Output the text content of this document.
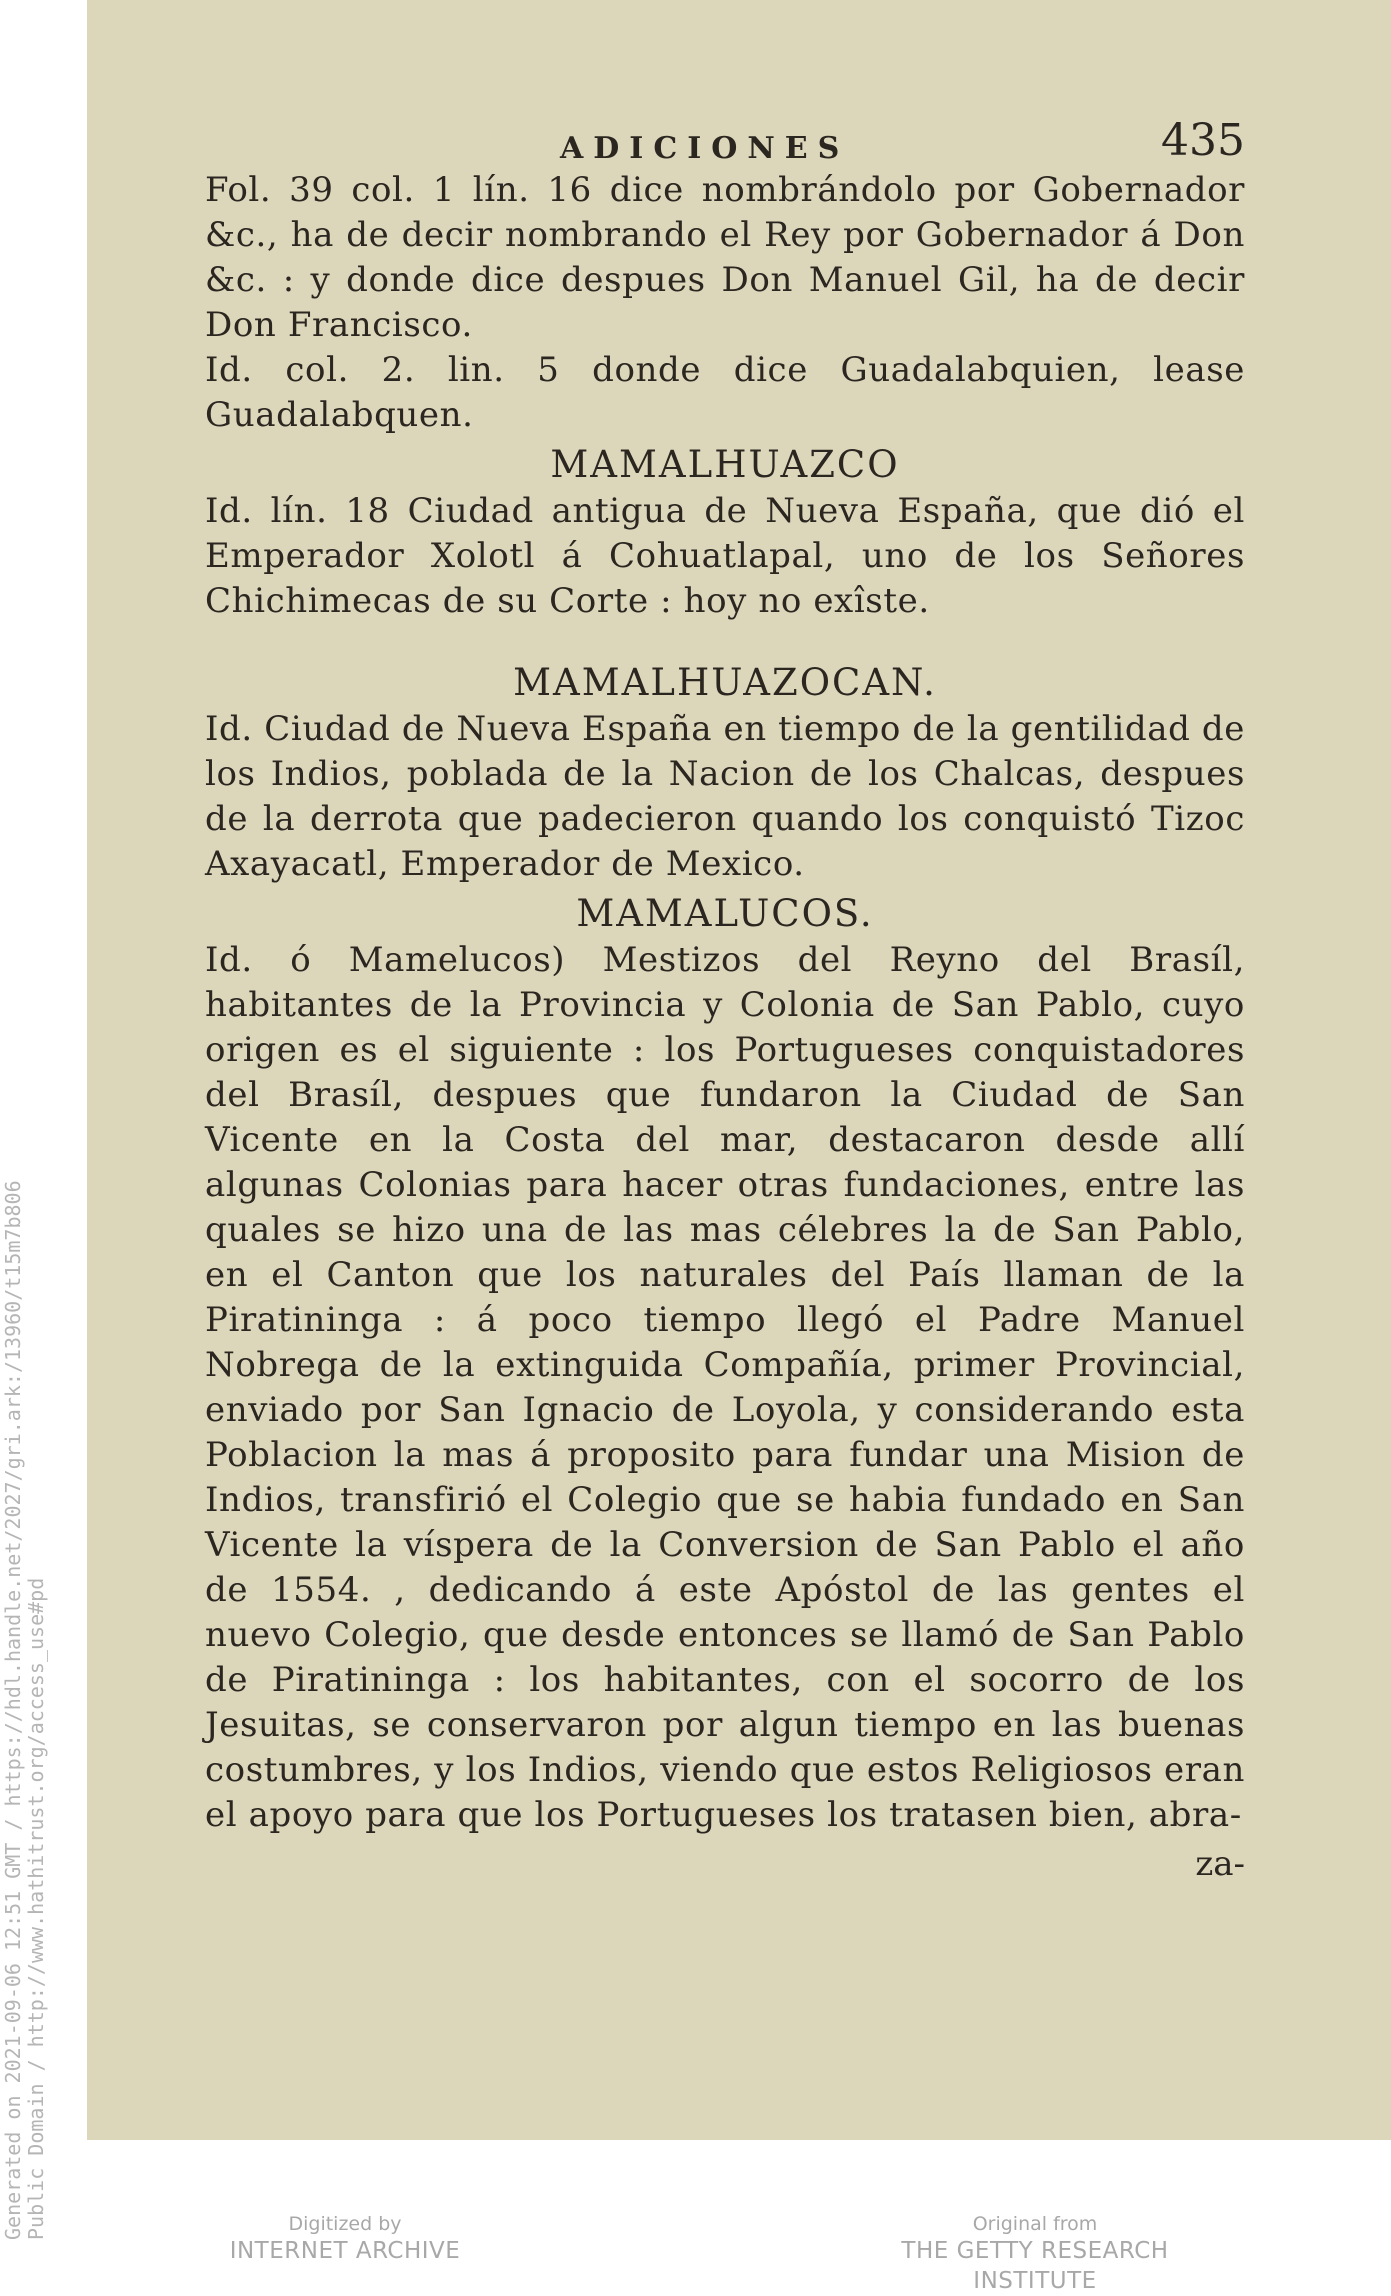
Generated on 2021-09-06 12:51 GMT / https://hdl.handle.net/2027/gri.ark:/13960/t15m7b806 Public Domain / http://www.hathitrust.org/access_use#pd
ADICIONES	435

Fol. 39 col. 1 lín. 16 dice nombrándolo por Gobernador &c., ha de decir nombrando el Rey por Gobernador á Don &c. : y donde dice despues Don Manuel Gil, ha de decir Don Francisco.

Id. col. 2. lin. 5 donde dice Guadalabquien, lease Guadalabquen.

MAMALHUAZCO

Id. lín. 18 Ciudad antigua de Nueva España, que dió el Emperador Xolotl á Cohuatlapal, uno de los Señores Chichimecas de su Corte : hoy no exîste.

MAMALHUAZOCAN.

Id. Ciudad de Nueva España en tiempo de la gentilidad de los Indios, poblada de la Nacion de los Chalcas, despues de la derrota que padecieron quando los conquistó Tizoc Axayacatl, Emperador de Mexico.

MAMALUCOS.

Id. ó Mamelucos) Mestizos del Reyno del Brasíl, habitantes de la Provincia y Colonia de San Pablo, cuyo origen es el siguiente : los Portugueses conquistadores del Brasíl, despues que fundaron la Ciudad de San Vicente en la Costa del mar, destacaron desde allí algunas Colonias para hacer otras fundaciones, entre las quales se hizo una de las mas célebres la de San Pablo, en el Canton que los naturales del País llaman de la Piratininga : á poco tiempo llegó el Padre Manuel Nobrega de la extinguida Compañía, primer Provincial, enviado por San Ignacio de Loyola, y considerando esta Poblacion la mas á proposito para fundar una Mision de Indios, transfirió el Colegio que se habia fundado en San Vicente la víspera de la Conversion de San Pablo el año de 1554. , dedicando á este Apóstol de las gentes el nuevo Colegio, que desde entonces se llamó de San Pablo de Piratininga : los habitantes, con el socorro de los Jesuitas, se conservaron por algun tiempo en las buenas costumbres, y los Indios, viendo que estos Religiosos eran el apoyo para que los Portugueses los tratasen bien, abra-

za-

Digitized by
INTERNET ARCHIVE
Original from
THE GETTY RESEARCH INSTITUTE
